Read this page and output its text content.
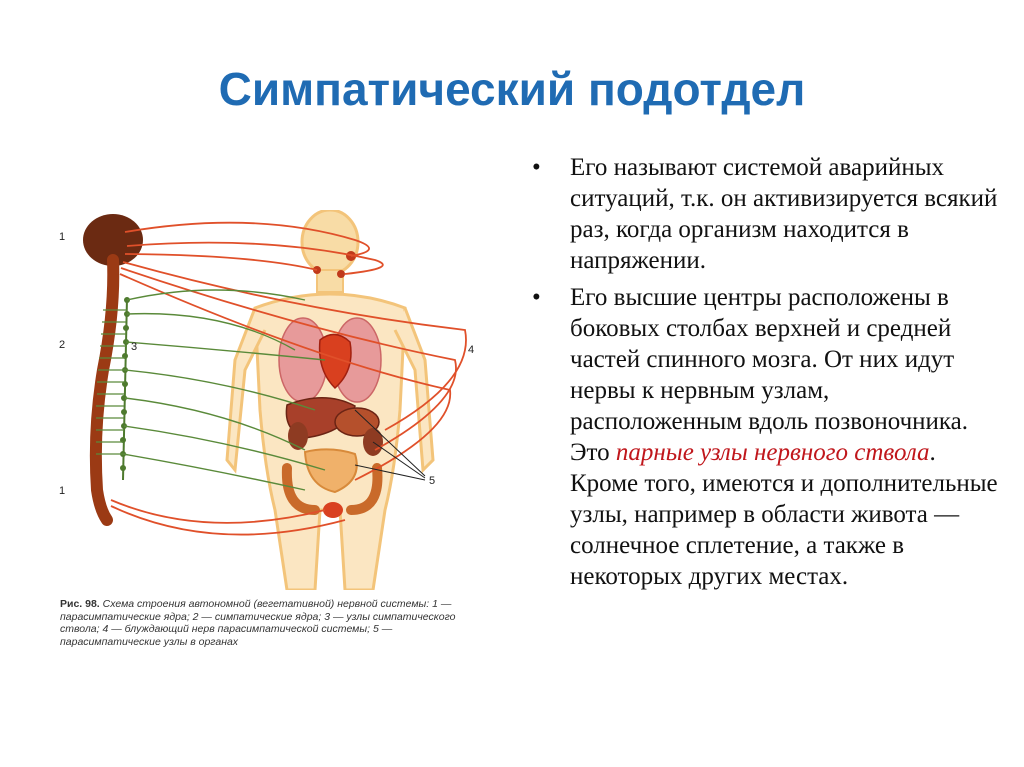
Симпатический подотдел
1
2
1
3	4
5

Рис. 98. Схема строения автономной (вегетативной) нервной системы: 1 — парасимпатические ядра; 2 — симпатические ядра; 3 — узлы симпатического ствола; 4 — блуждающий нерв парасимпатической системы; 5 — парасимпатические узлы в органах

• Его называют системой аварийных ситуаций, т.к. он активизируется всякий раз, когда организм находится в напряжении.
• Его высшие центры расположены в боковых столбах верхней и средней частей спинного мозга. От них идут нервы к нервным узлам, расположенным вдоль позвоночника. Это парные узлы нервного ствола. Кроме того, имеются и дополнительные узлы, например в области живота — солнечное сплетение, а также в некоторых других местах.
